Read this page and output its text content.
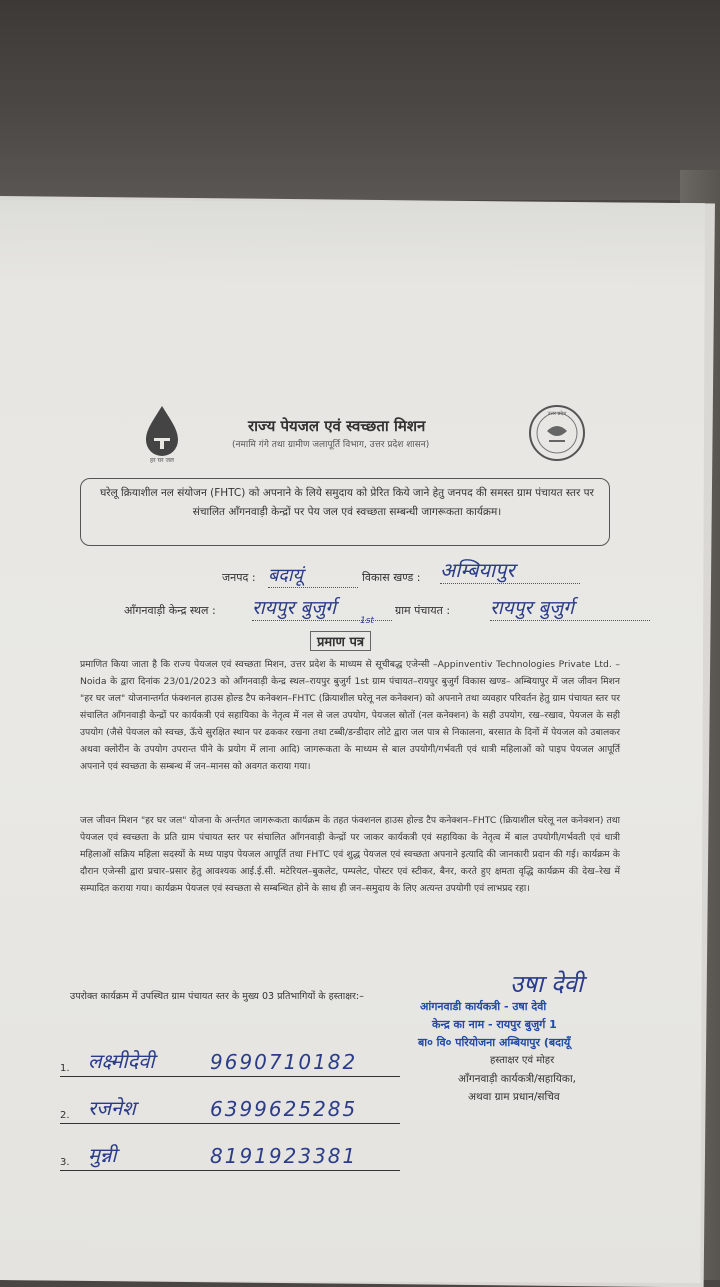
हर घर जल
उत्तर प्रदेश
राज्य पेयजल एवं स्वच्छता मिशन
(नमामि गंगे तथा ग्रामीण जलापूर्ति विभाग, उत्तर प्रदेश शासन)
घरेलू क्रियाशील नल संयोजन (FHTC) को अपनाने के लिये समुदाय को प्रेरित किये जाने हेतु जनपद की समस्त ग्राम पंचायत स्तर पर संचालित आँगनवाड़ी केन्द्रों पर पेय जल एवं स्वच्छता सम्बन्धी जागरूकता कार्यक्रम।
जनपद : बदायूं	विकास खण्ड : अम्बियापुर
आँगनवाड़ी केन्द्र स्थल : रायपुर बुजुर्ग
1st
ग्राम पंचायत : रायपुर बुजुर्ग
प्रमाण पत्र
प्रमाणित किया जाता है कि राज्य पेयजल एवं स्वच्छता मिशन, उत्तर प्रदेश के माध्यम से सूचीबद्ध एजेन्सी –Appinventiv Technologies Private Ltd. – Noida के द्वारा दिनांक 23/01/2023 को आँगनवाड़ी केन्द्र स्थल–रायपुर बुजुर्ग 1st ग्राम पंचायत–रायपुर बुजुर्ग विकास खण्ड– अम्बियापुर में जल जीवन मिशन "हर घर जल" योजनान्तर्गत फंक्शनल हाउस होल्ड टैप कनेक्शन–FHTC (क्रियाशील घरेलू नल कनेक्शन) को अपनाने तथा व्यवहार परिवर्तन हेतु ग्राम पंचायत स्तर पर संचालित आँगनवाड़ी केन्द्रों पर कार्यकत्री एवं सहायिका के नेतृत्व में नल से जल उपयोग, पेयजल स्रोतों (नल कनेक्शन) के सही उपयोग, रख–रखाव, पेयजल के सही उपयोग (जैसे पेयजल को स्वच्छ, ऊँचे सुरक्षित स्थान पर ढककर रखना तथा टब्बी/डन्डीदार लोटे द्वारा जल पात्र से निकालना, बरसात के दिनों में पेयजल को उबालकर अथवा क्लोरीन के उपयोग उपरान्त पीने के प्रयोग में लाना आदि) जागरूकता के माध्यम से बाल उपयोगी/गर्भवती एवं धात्री महिलाओं को पाइप पेयजल आपूर्ति अपनाने एवं स्वच्छता के सम्बन्ध में जन–मानस को अवगत कराया गया।
जल जीवन मिशन "हर घर जल" योजना के अर्न्तगत जागरूकता कार्यक्रम के तहत फंक्शनल हाउस होल्ड टैप कनेक्शन–FHTC (क्रियाशील घरेलू नल कनेक्शन) तथा पेयजल एवं स्वच्छता के प्रति ग्राम पंचायत स्तर पर संचालित आँगनवाड़ी केन्द्रों पर जाकर कार्यकत्री एवं सहायिका के नेतृत्व में बाल उपयोगी/गर्भवती एवं धात्री महिलाओं सक्रिय महिला सदस्यों के मध्य पाइप पेयजल आपूर्ति तथा FHTC एवं शुद्ध पेयजल एवं स्वच्छता अपनाने इत्यादि की जानकारी प्रदान की गई। कार्यक्रम के दौरान एजेन्सी द्वारा प्रचार–प्रसार हेतु आवश्यक आई.ई.सी. मटेरियल–बुकलेट, पम्पलेट, पोस्टर एवं स्टीकर, बैनर, करते हुए क्षमता वृद्धि कार्यक्रम की देख–रेख में सम्पादित कराया गया। कार्यक्रम पेयजल एवं स्वच्छता से सम्बन्धित होने के साथ ही जन–समुदाय के लिए अत्यन्त उपयोगी एवं लाभप्रद रहा।
उपरोक्त कार्यक्रम में उपस्थित ग्राम पंचायत स्तर के मुख्य 03 प्रतिभागियों के हस्ताक्षर:–	उषा देवी
आंगनवाडी कार्यकत्री - उषा देवी
केन्द्र का नाम - रायपुर बुजुर्ग 1
बा० वि० परियोजना अम्बियापुर (बदायूँ
हस्ताक्षर एवं मोहर
आँगनवाड़ी कार्यकत्री/सहायिका,
अथवा ग्राम प्रधान/सचिव
1. लक्ष्मीदेवी	9690710182
2. रजनेश	6399625285
3. मुन्नी	8191923381
